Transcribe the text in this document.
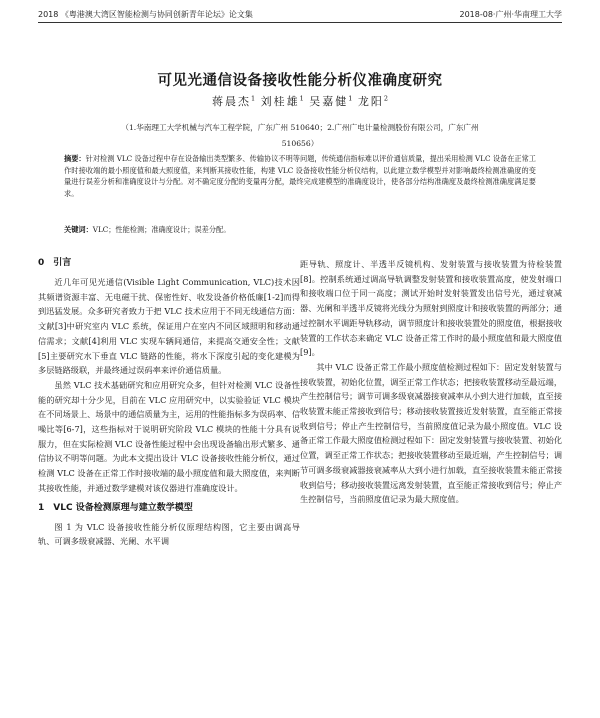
2018 《粤港澳大湾区智能检测与协同创新青年论坛》论文集	2018-08·广州·华南理工大学
可见光通信设备接收性能分析仪准确度研究
蒋晨杰$^1$ 刘桂雄$^1$ 吴嘉健$^1$ 龙阳$^2$
（1.华南理工大学机械与汽车工程学院，广东广州 510640；2.广州广电计量检测股份有限公司，广东广州
510656）
摘要：针对检测 VLC 设备过程中存在设备输出类型繁多、传输协议不明等问题，传统通信指标难以评价通信质量，提出采用检测 VLC 设备在正常工作时接收端的最小照度值和最大照度值，来判断其接收性能，构建 VLC 设备接收性能分析仪结构，以此建立数学模型并对影响最终检测准确度的变量进行误差分析和准确度设计与分配。对不确定度分配的变量再分配，最终完成建模型的准确度设计，使各部分结构准确度及最终检测准确度满足要求。
关键词：VLC；性能检测；准确度设计；误差分配。
0　引言

近几年可见光通信(Visible Light Communication, VLC)技术因其频谱资源丰富、无电磁干扰、保密性好、收发设备价格低廉[1-2]而得到迅猛发展。众多研究者致力于把 VLC 技术应用于不同无线通信方面：文献[3]中研究室内 VLC 系统，保证用户在室内不同区域照明和移动通信需求；文献[4]利用 VLC 实现车辆间通信，来提高交通安全性；文献[5]主要研究水下垂直 VLC 链路的性能，将水下深度引起的变化建模为多层链路级联，并最终通过误码率来评价通信质量。

虽然 VLC 技术基础研究和应用研究众多，但针对检测 VLC 设备性能的研究却十分少见，目前在 VLC 应用研究中，以实验验证 VLC 模块在不同场景上、场景中的通信质量为主，运用的性能指标多为误码率、信噪比等[6-7]，这些指标对于说明研究阶段 VLC 模块的性能十分具有说服力，但在实际检测 VLC 设备性能过程中会出现设备输出形式繁多、通信协议不明等问题。为此本文提出设计 VLC 设备接收性能分析仪，通过检测 VLC 设备在正常工作时接收端的最小照度值和最大照度值，来判断其接收性能，并通过数学建模对该仪器进行准确度设计。

1　VLC 设备检测原理与建立数学模型

图 1 为 VLC 设备接收性能分析仪原理结构图，它主要由调高导轨、可调多级衰减器、光阑、水平调

距导轨、照度计、半透半反镜机构、发射装置与接收装置为待检装置[8]。控制系统通过调高导轨调整发射装置和接收装置高度，使发射端口和接收端口位于同一高度；测试开始时发射装置发出信号光，通过衰减器、光阑和半透半反镜将光线分为照射到照度计和接收装置的两部分；通过控制水平调距导轨移动，调节照度计和接收装置处的照度值，根据接收装置的工作状态来确定 VLC 设备正常工作时的最小照度值和最大照度值[9]。

其中 VLC 设备正常工作最小照度值检测过程如下：固定发射装置与接收装置，初始化位置，调至正常工作状态；把接收装置移动至最远端，产生控制信号；调节可调多级衰减器接衰减率从小到大进行加载，直至接收装置未能正常接收到信号；移动接收装置接近发射装置，直至能正常接收到信号；停止产生控制信号，当前照度值记录为最小照度值。VLC 设备正常工作最大照度值检测过程如下：固定发射装置与接收装置、初始化位置，调至正常工作状态；把接收装置移动至最近端，产生控制信号；调节可调多级衰减器接衰减率从大到小进行加载，直至接收装置未能正常接收到信号；移动接收装置远离发射装置，直至能正常接收到信号；停止产生控制信号，当前照度值记录为最大照度值。
